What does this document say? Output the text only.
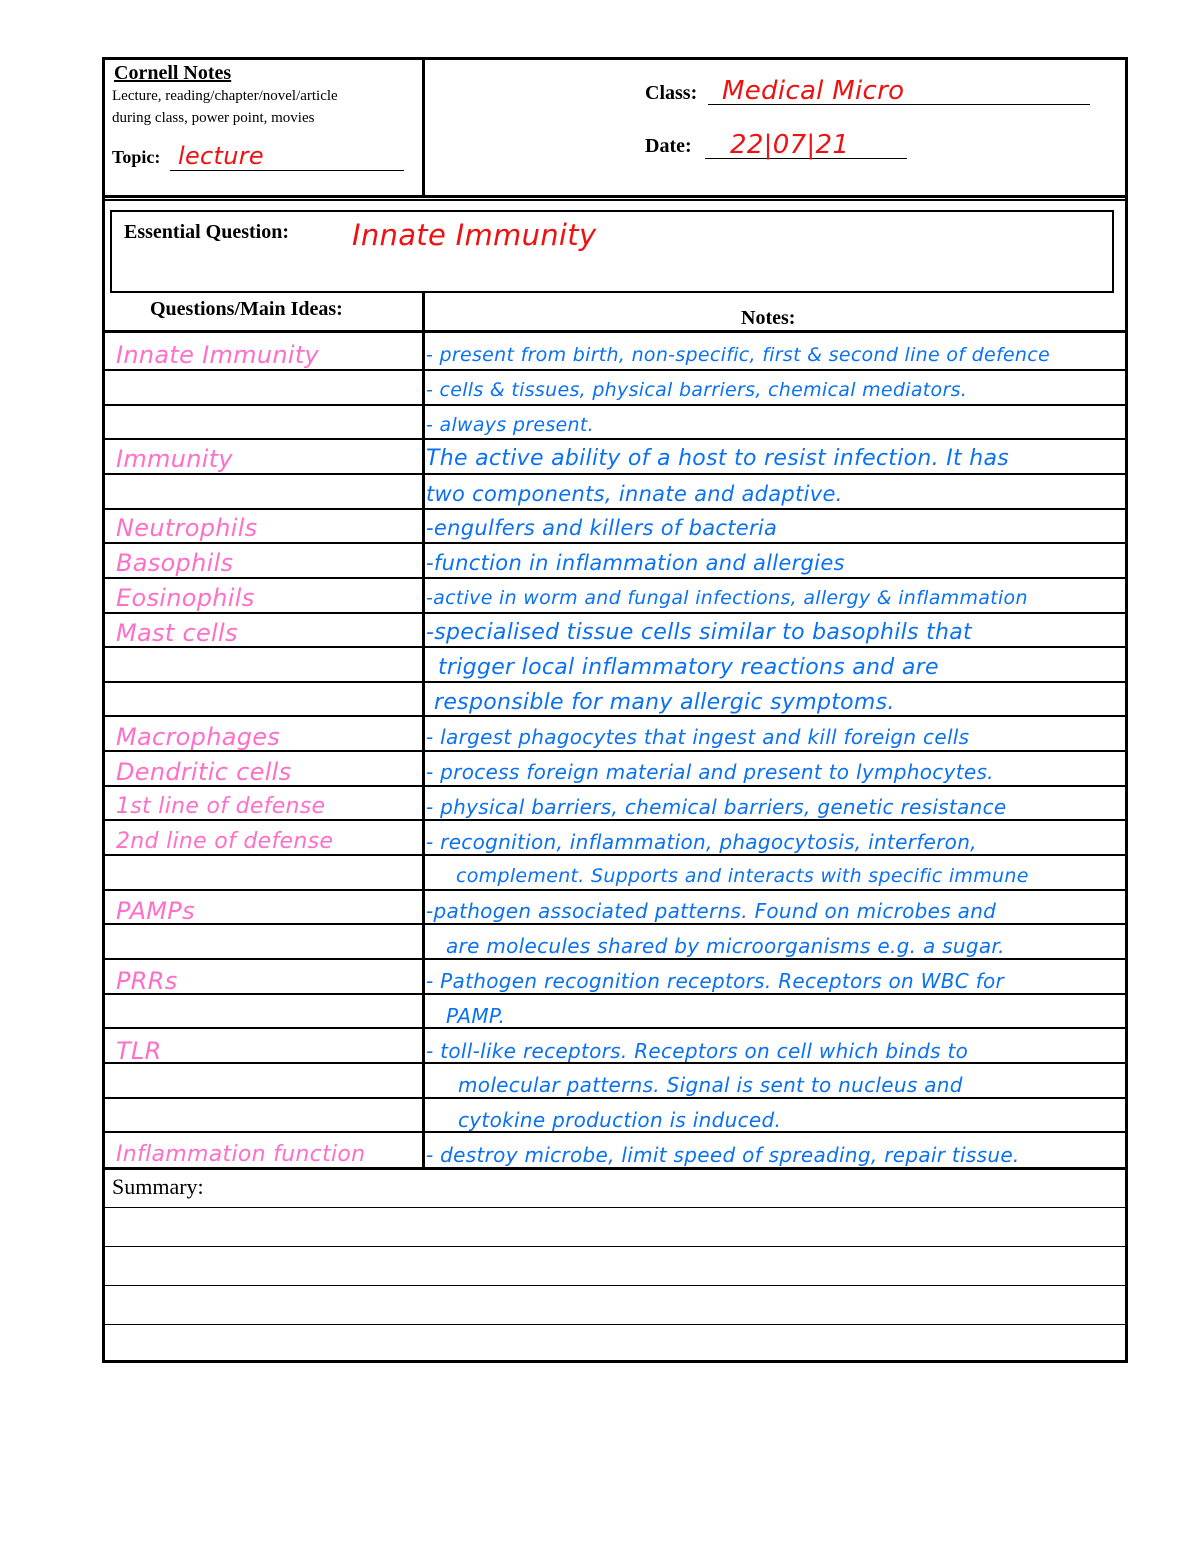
Cornell Notes
Lecture, reading/chapter/novel/article
during class, power point, movies
Topic: lecture
Class: Medical Micro
Date: 22|07|21
Essential Question: Innate Immunity
Questions/Main Ideas:	Notes:
Innate Immunity
Immunity
Neutrophils
Basophils
Eosinophils
Mast cells
Macrophages
Dendritic cells
1st line of defense
2nd line of defense
PAMPs
PRRs
TLR
Inflammation function
- present from birth, non-specific, first & second line of defence
- cells & tissues, physical barriers, chemical mediators.
- always present.
The active ability of a host to resist infection. It has
two components, innate and adaptive.
-engulfers and killers of bacteria
-function in inflammation and allergies
-active in worm and fungal infections, allergy & inflammation
-specialised tissue cells similar to basophils that
trigger local inflammatory reactions and are
responsible for many allergic symptoms.
- largest phagocytes that ingest and kill foreign cells
- process foreign material and present to lymphocytes.
- physical barriers, chemical barriers, genetic resistance
- recognition, inflammation, phagocytosis, interferon,
complement. Supports and interacts with specific immune
-pathogen associated patterns. Found on microbes and
are molecules shared by microorganisms e.g. a sugar.
- Pathogen recognition receptors. Receptors on WBC for
PAMP.
- toll-like receptors. Receptors on cell which binds to
molecular patterns. Signal is sent to nucleus and
cytokine production is induced.
- destroy microbe, limit speed of spreading, repair tissue.
Summary:
